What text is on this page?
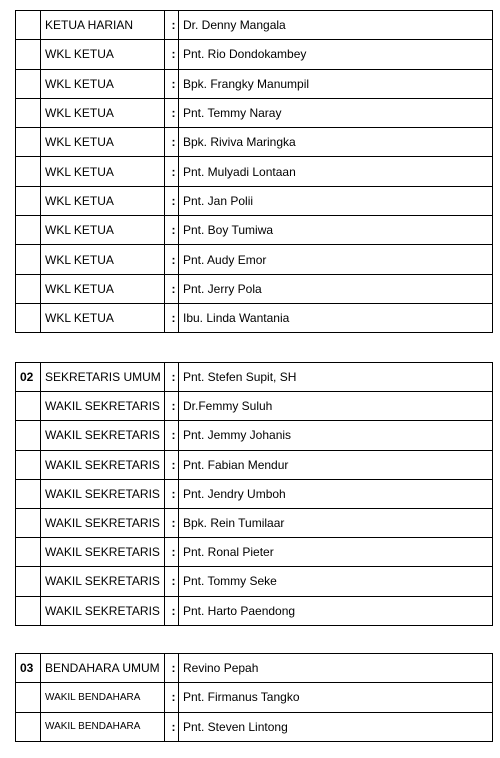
	KETUA HARIAN	:	Dr. Denny Mangala
	WKL KETUA	:	Pnt. Rio Dondokambey
	WKL KETUA	:	Bpk. Frangky Manumpil
	WKL KETUA	:	Pnt. Temmy Naray
	WKL KETUA	:	Bpk. Riviva Maringka
	WKL KETUA	:	Pnt. Mulyadi Lontaan
	WKL KETUA	:	Pnt. Jan Polii
	WKL KETUA	:	Pnt. Boy Tumiwa
	WKL KETUA	:	Pnt. Audy Emor
	WKL KETUA	:	Pnt. Jerry Pola
	WKL KETUA	:	Ibu. Linda Wantania
02	SEKRETARIS UMUM	:	Pnt. Stefen Supit, SH
	WAKIL SEKRETARIS	:	Dr.Femmy Suluh
	WAKIL SEKRETARIS	:	Pnt. Jemmy Johanis
	WAKIL SEKRETARIS	:	Pnt. Fabian Mendur
	WAKIL SEKRETARIS	:	Pnt. Jendry Umboh
	WAKIL SEKRETARIS	:	Bpk. Rein Tumilaar
	WAKIL SEKRETARIS	:	Pnt. Ronal Pieter
	WAKIL SEKRETARIS	:	Pnt. Tommy Seke
	WAKIL SEKRETARIS	:	Pnt. Harto Paendong
03	BENDAHARA UMUM	:	Revino Pepah
	WAKIL BENDAHARA	:	Pnt. Firmanus Tangko
	WAKIL BENDAHARA	:	Pnt. Steven Lintong
